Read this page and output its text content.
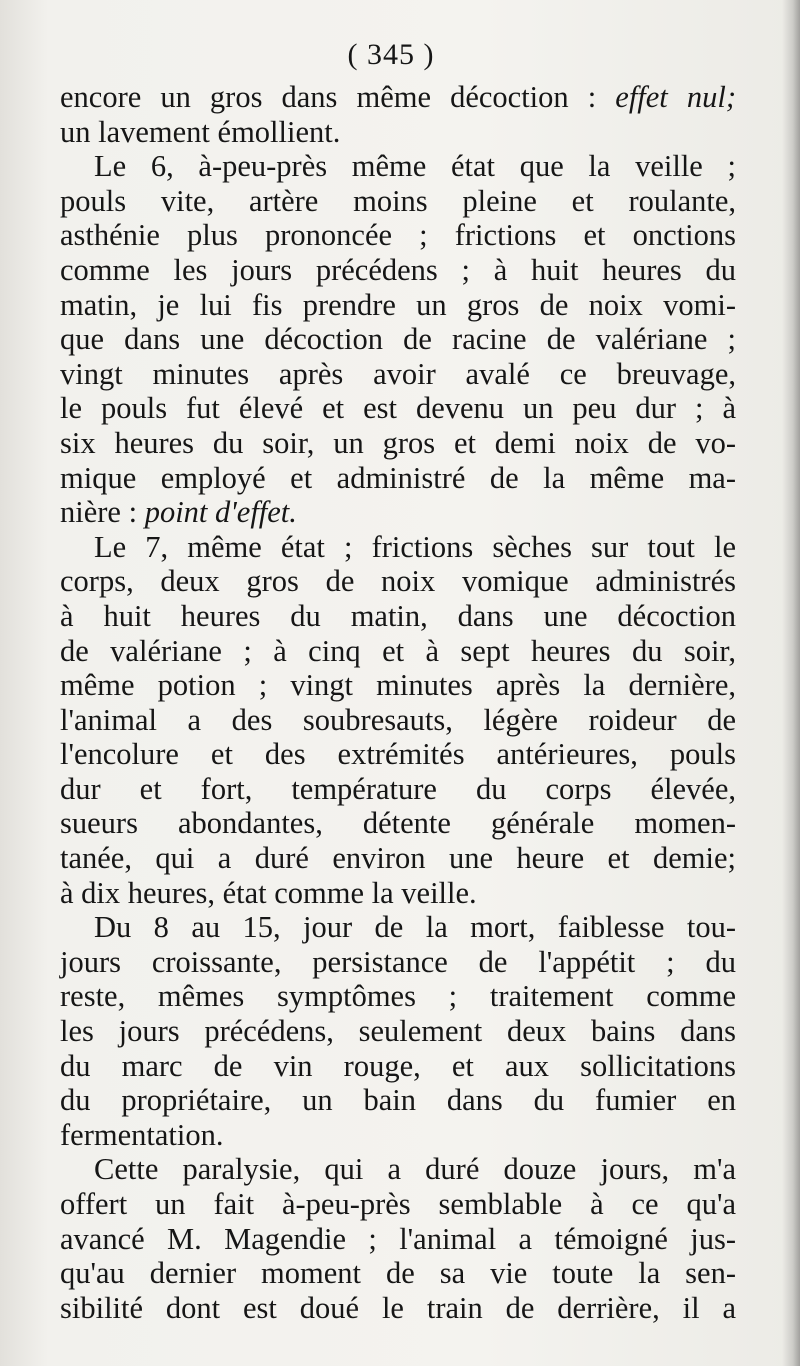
( 345 )

encore un gros dans même décoction : effet nul;
un lavement émollient.

Le 6, à-peu-près même état que la veille ;
pouls vite, artère moins pleine et roulante,
asthénie plus prononcée ; frictions et onctions
comme les jours précédens ; à huit heures du
matin, je lui fis prendre un gros de noix vomi-
que dans une décoction de racine de valériane ;
vingt minutes après avoir avalé ce breuvage,
le pouls fut élevé et est devenu un peu dur ; à
six heures du soir, un gros et demi noix de vo-
mique employé et administré de la même ma-
nière : point d'effet.

Le 7, même état ; frictions sèches sur tout le
corps, deux gros de noix vomique administrés
à huit heures du matin, dans une décoction
de valériane ; à cinq et à sept heures du soir,
même potion ; vingt minutes après la dernière,
l'animal a des soubresauts, légère roideur de
l'encolure et des extrémités antérieures, pouls
dur et fort, température du corps élevée,
sueurs abondantes, détente générale momen-
tanée, qui a duré environ une heure et demie;
à dix heures, état comme la veille.

Du 8 au 15, jour de la mort, faiblesse tou-
jours croissante, persistance de l'appétit ; du
reste, mêmes symptômes ; traitement comme
les jours précédens, seulement deux bains dans
du marc de vin rouge, et aux sollicitations
du propriétaire, un bain dans du fumier en
fermentation.

Cette paralysie, qui a duré douze jours, m'a
offert un fait à-peu-près semblable à ce qu'a
avancé M. Magendie ; l'animal a témoigné jus-
qu'au dernier moment de sa vie toute la sen-
sibilité dont est doué le train de derrière, il a
